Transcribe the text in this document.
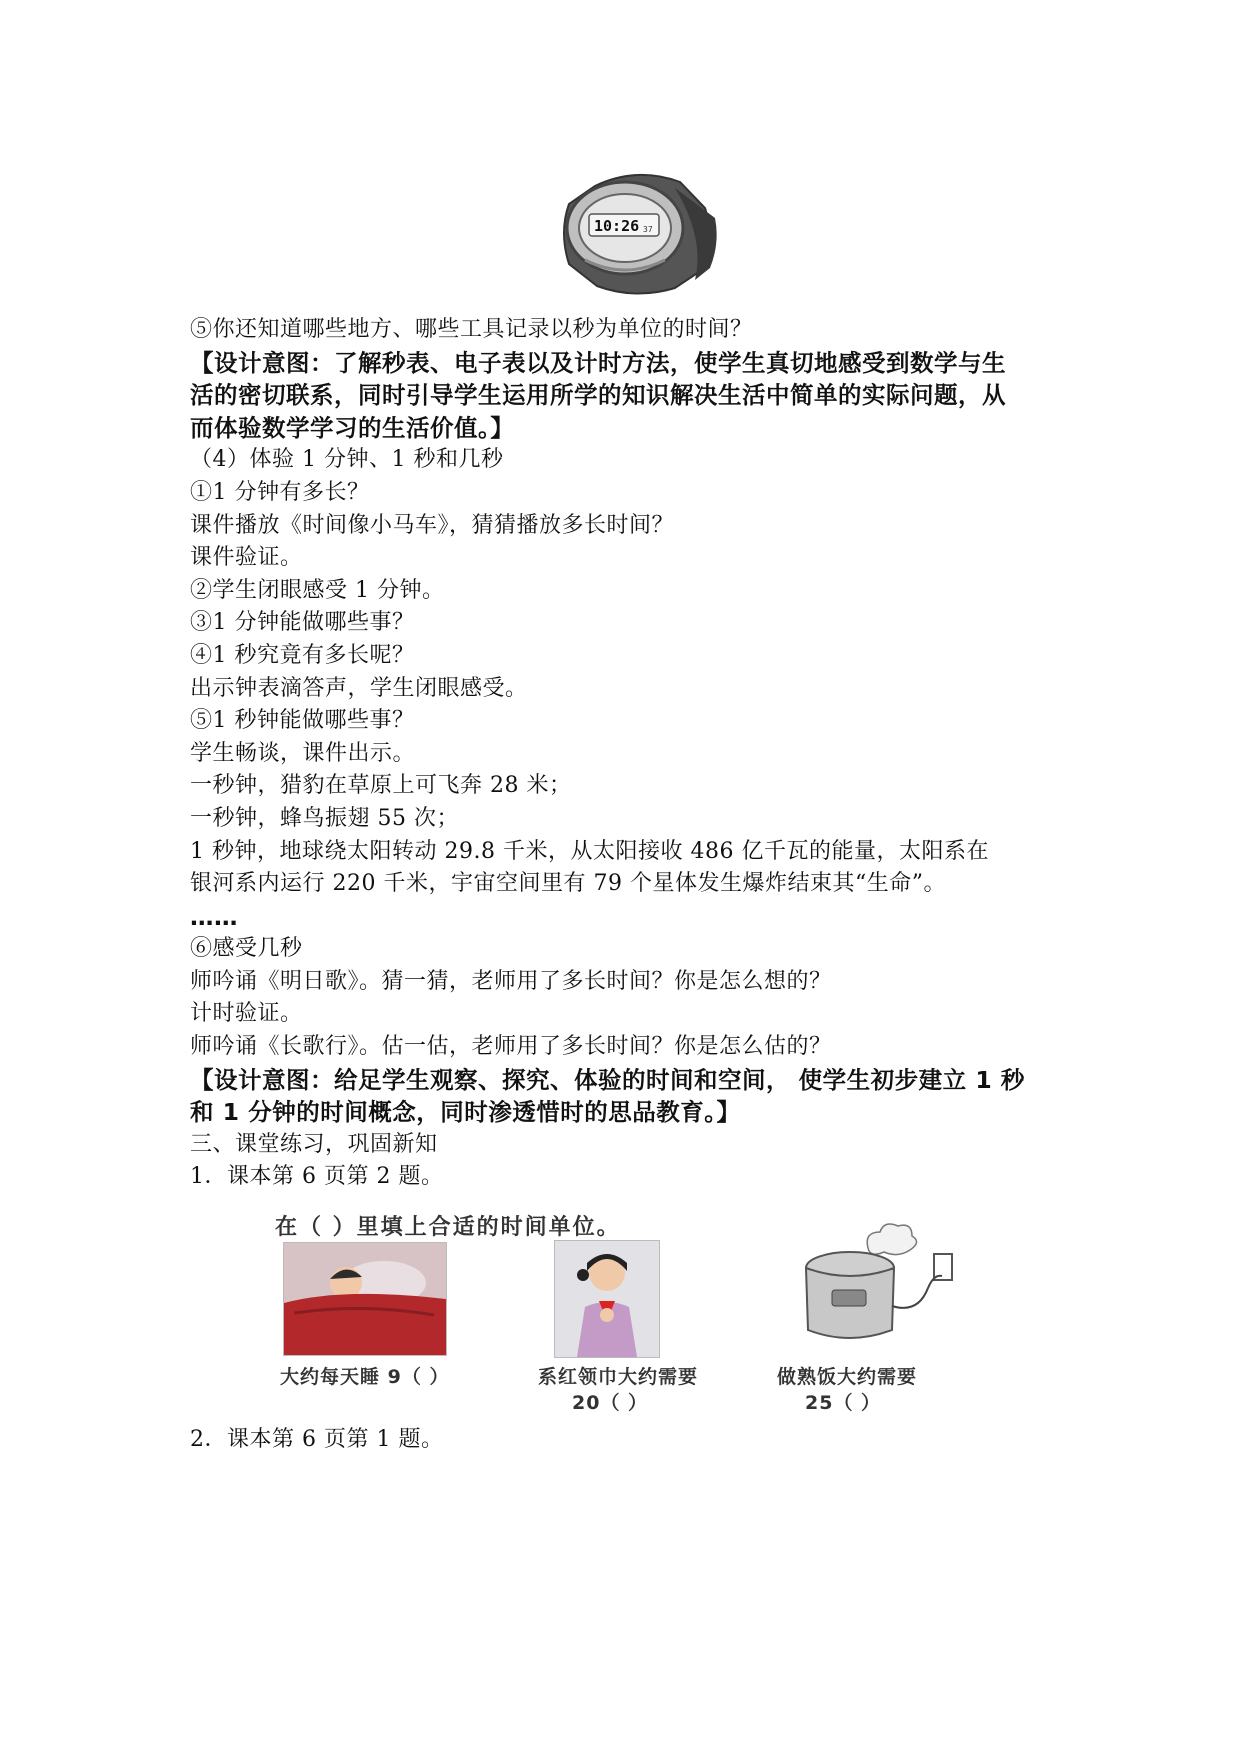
10:26 37
⑤你还知道哪些地方、哪些工具记录以秒为单位的时间？
【设计意图：了解秒表、电子表以及计时方法，使学生真切地感受到数学与生
活的密切联系，同时引导学生运用所学的知识解决生活中简单的实际问题，从
而体验数学学习的生活价值。】
（4）体验 1 分钟、1 秒和几秒
①1 分钟有多长？
课件播放《时间像小马车》，猜猜播放多长时间？
课件验证。
②学生闭眼感受 1 分钟。
③1 分钟能做哪些事？
④1 秒究竟有多长呢？
出示钟表滴答声，学生闭眼感受。
⑤1 秒钟能做哪些事？
学生畅谈，课件出示。
一秒钟，猎豹在草原上可飞奔 28 米；
一秒钟，蜂鸟振翅 55 次；
1 秒钟，地球绕太阳转动 29.8 千米，从太阳接收 486 亿千瓦的能量，太阳系在
银河系内运行 220 千米，宇宙空间里有 79 个星体发生爆炸结束其“生命”。
……
⑥感受几秒
师吟诵《明日歌》。猜一猜，老师用了多长时间？你是怎么想的？
计时验证。
师吟诵《长歌行》。估一估，老师用了多长时间？你是怎么估的？
【设计意图：给足学生观察、探究、体验的时间和空间， 使学生初步建立 1 秒
和 1 分钟的时间概念，同时渗透惜时的思品教育。】
三、课堂练习，巩固新知
1．课本第 6 页第 2 题。
在（ ）里填上合适的时间单位。
大约每天睡 9（ ）	系红领巾大约需要
20（ ）
做熟饭大约需要
25（ ）
2．课本第 6 页第 1 题。
